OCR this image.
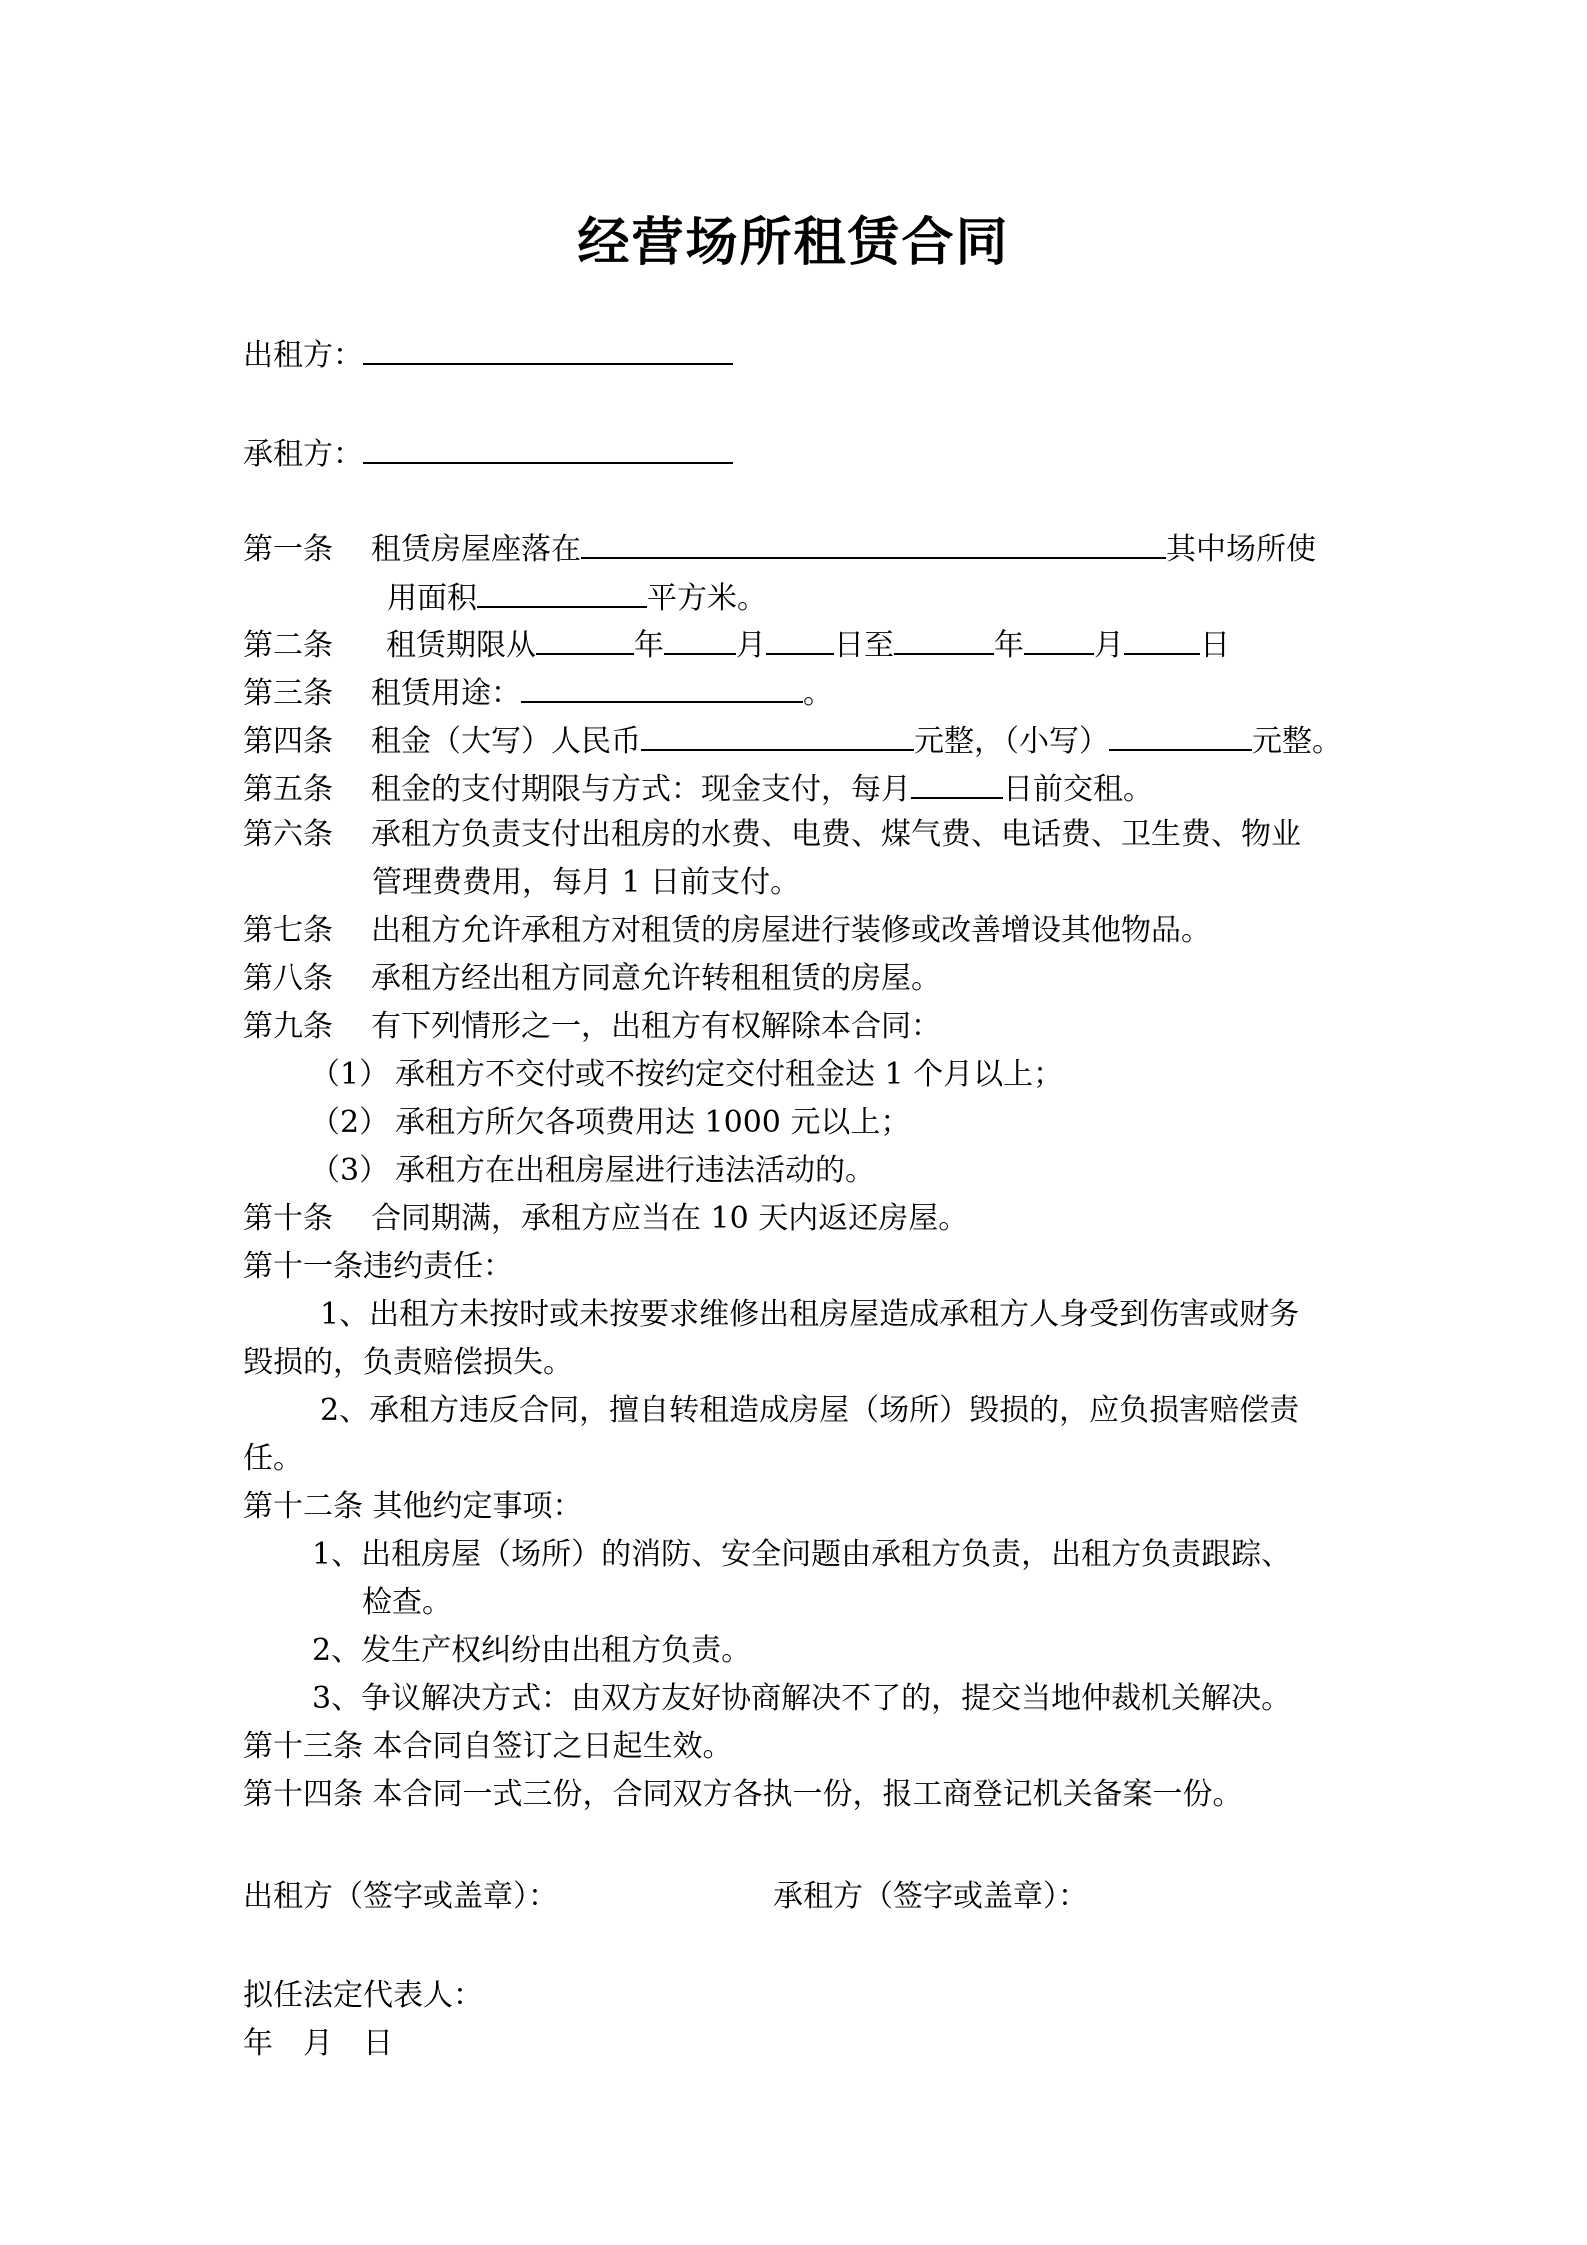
经营场所租赁合同
出租方：
承租方：
第一条 租赁房屋座落在	其中场所使
用面积	平方米。
第二条 租赁期限从	年 月 日至	年 月	日
第三条 租赁用途：	。
第四条 租金（大写）人民币	元整，（小写）	元整。
第五条 租金的支付期限与方式：现金支付，每月	日前交租。
第六条 承租方负责支付出租房的水费、电费、煤气费、电话费、卫生费、物业
管理费费用，每月 1 日前支付。
第七条 出租方允许承租方对租赁的房屋进行装修或改善增设其他物品。
第八条 承租方经出租方同意允许转租租赁的房屋。
第九条 有下列情形之一，出租方有权解除本合同：
（1） 承租方不交付或不按约定交付租金达 1 个月以上；
（2） 承租方所欠各项费用达 1000 元以上；
（3） 承租方在出租房屋进行违法活动的。
第十条 合同期满，承租方应当在 10 天内返还房屋。
第十一条违约责任：
1、出租方未按时或未按要求维修出租房屋造成承租方人身受到伤害或财务
毁损的，负责赔偿损失。
2、承租方违反合同，擅自转租造成房屋（场所）毁损的，应负损害赔偿责
任。
第十二条 其他约定事项：
1、出租房屋（场所）的消防、安全问题由承租方负责，出租方负责跟踪、
检查。
2、发生产权纠纷由出租方负责。
3、争议解决方式：由双方友好协商解决不了的，提交当地仲裁机关解决。
第十三条 本合同自签订之日起生效。
第十四条 本合同一式三份，合同双方各执一份，报工商登记机关备案一份。
出租方（签字或盖章）：	承租方（签字或盖章）：
拟任法定代表人：
年　月　日
